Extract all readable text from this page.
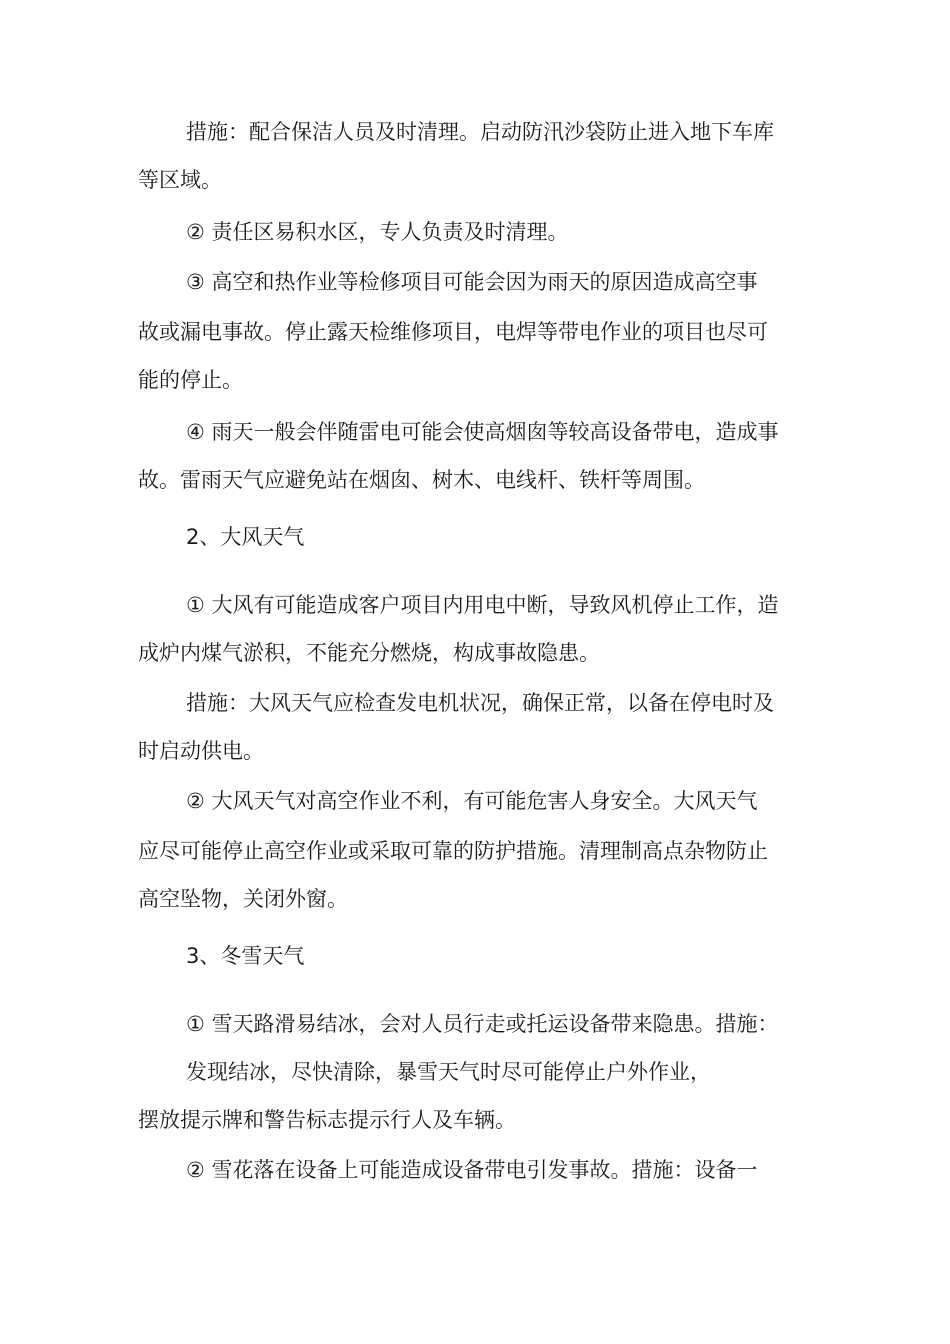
措施：配合保洁人员及时清理。启动防汛沙袋防止进入地下车库
等区域。
② 责任区易积水区，专人负责及时清理。
③ 高空和热作业等检修项目可能会因为雨天的原因造成高空事
故或漏电事故。停止露天检维修项目，电焊等带电作业的项目也尽可
能的停止。
④ 雨天一般会伴随雷电可能会使高烟囱等较高设备带电，造成事
故。雷雨天气应避免站在烟囱、树木、电线杆、铁杆等周围。
2、大风天气
① 大风有可能造成客户项目内用电中断，导致风机停止工作，造
成炉内煤气淤积，不能充分燃烧，构成事故隐患。
措施：大风天气应检查发电机状况，确保正常，以备在停电时及
时启动供电。
② 大风天气对高空作业不利，有可能危害人身安全。大风天气
应尽可能停止高空作业或采取可靠的防护措施。清理制高点杂物防止
高空坠物，关闭外窗。
3、冬雪天气
① 雪天路滑易结冰，会对人员行走或托运设备带来隐患。措施：
发现结冰，尽快清除，暴雪天气时尽可能停止户外作业，
摆放提示牌和警告标志提示行人及车辆。
② 雪花落在设备上可能造成设备带电引发事故。措施：设备一
